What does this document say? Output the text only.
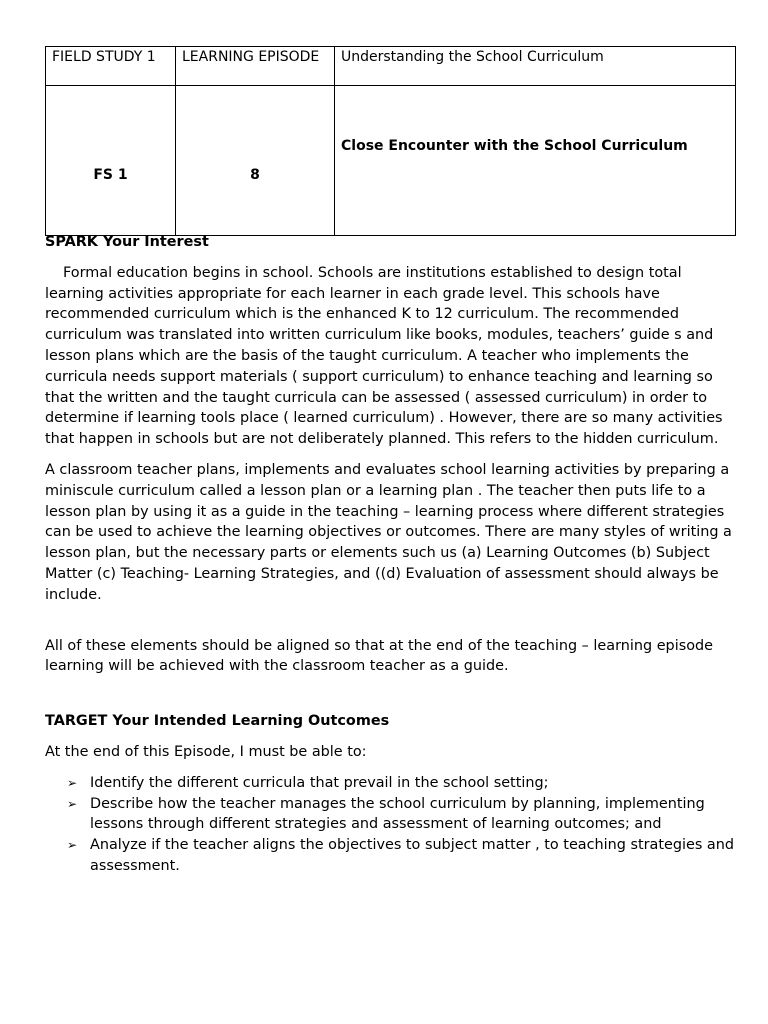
FIELD STUDY 1	LEARNING EPISODE	Understanding the School Curriculum
FS 1	8	Close Encounter with the School Curriculum
SPARK Your Interest

Formal education begins in school. Schools are institutions established to design total learning activities appropriate for each learner in each grade level. This schools have recommended curriculum which is the enhanced K to 12 curriculum. The recommended curriculum was translated into written curriculum like books, modules, teachers’ guide s and lesson plans which are the basis of the taught curriculum. A teacher who implements the curricula needs support materials ( support curriculum) to enhance teaching and learning so that the written and the taught curricula can be assessed ( assessed curriculum) in order to determine if learning tools place ( learned curriculum) . However, there are so many activities that happen in schools but are not deliberately planned. This refers to the hidden curriculum.

A classroom teacher plans, implements and evaluates school learning activities by preparing a miniscule curriculum called a lesson plan or a learning plan . The teacher then puts life to a lesson plan by using it as a guide in the teaching – learning process where different strategies can be used to achieve the learning objectives or outcomes. There are many styles of writing a lesson plan, but the necessary parts or elements such us (a) Learning Outcomes (b) Subject Matter (c) Teaching- Learning Strategies, and ((d) Evaluation of assessment should always be include.

All of these elements should be aligned so that at the end of the teaching – learning episode learning will be achieved with the classroom teacher as a guide.

TARGET Your Intended Learning Outcomes

At the end of this Episode, I must be able to:

➢ Identify the different curricula that prevail in the school setting;
➢ Describe how the teacher manages the school curriculum by planning, implementing lessons through different strategies and assessment of learning outcomes; and
➢ Analyze if the teacher aligns the objectives to subject matter , to teaching strategies and assessment.
